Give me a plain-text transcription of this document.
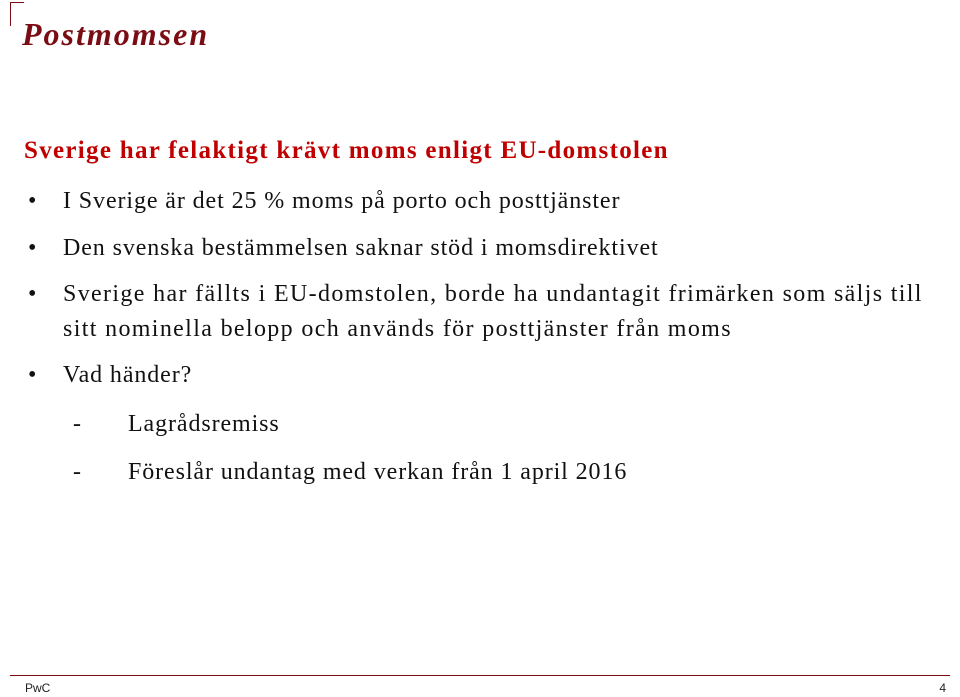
Postmomsen
Sverige har felaktigt krävt moms enligt EU-domstolen
• I Sverige är det 25 % moms på porto och posttjänster
• Den svenska bestämmelsen saknar stöd i momsdirektivet
• Sverige har fällts i EU-domstolen, borde ha undantagit frimärken som säljs till sitt nominella belopp och används för posttjänster från moms
• Vad händer?
- Lagrådsremiss
- Föreslår undantag med verkan från 1 april 2016
PwC	4
